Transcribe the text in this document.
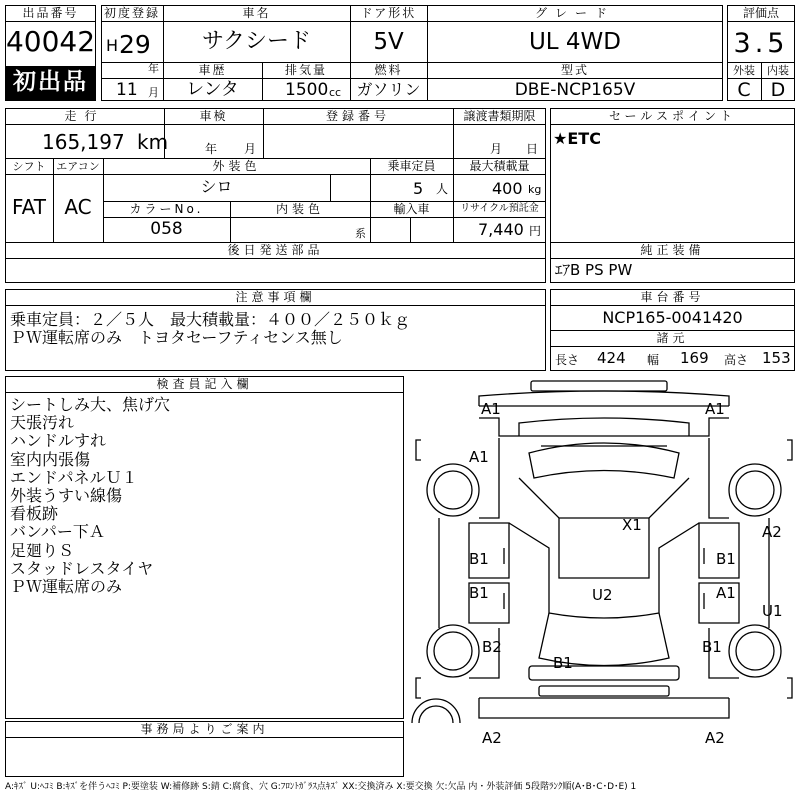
出品番号
40042
初出品
初度登録
H 29
年
11 月
車名
サクシード
ドア形状
5V
グレード
UL 4WD
車歴
レンタ
排気量
1500 cc
燃料
ガソリン
型式
DBE-NCP165V
評価点
3.5
外装	内装
C	D
走行
165,197 km
車検
年 月
登録番号	譲渡書類期限
月 日
シフト
FAT
エアコン
AC
外装色
シロ
乗車定員
5 人
最大積載量
400 kg
カラーNo.
058
内装色
系
輸入車	リサイクル預託金
7,440 円
後日発送部品
セールスポイント
★ETC
純正装備
ｴｱB PS PW
注意事項欄
乗車定員：２／５人　最大積載量：４００／２５０ｋｇ
ＰＷ運転席のみ　トヨタセーフティセンス無し
車台番号
NCP165-0041420
諸元
長さ 424 幅 169 高さ 153
検査員記入欄
シートしみ大、焦げ穴
天張汚れ
ハンドルすれ
室内内張傷
エンドパネルＵ１
外装うすい線傷
看板跡
バンパー下Ａ
足廻りＳ
スタッドレスタイヤ
ＰＷ運転席のみ
事務局よりご案内
A1	A1
A1
X1	A2
B1	B1
B1	A1
U2
U1
B2	B1
B1
A2	A2
A:ｷｽﾞ U:ﾍｺﾐ B:ｷｽﾞを伴うﾍｺﾐ P:要塗装 W:補修跡 S:錆 C:腐食、穴 G:ﾌﾛﾝﾄｶﾞﾗｽ点ｷｽﾞ XX:交換済み X:要交換 欠:欠品 内・外装評価 5段階ﾗﾝｸ順(A･B･C･D･E) 1
